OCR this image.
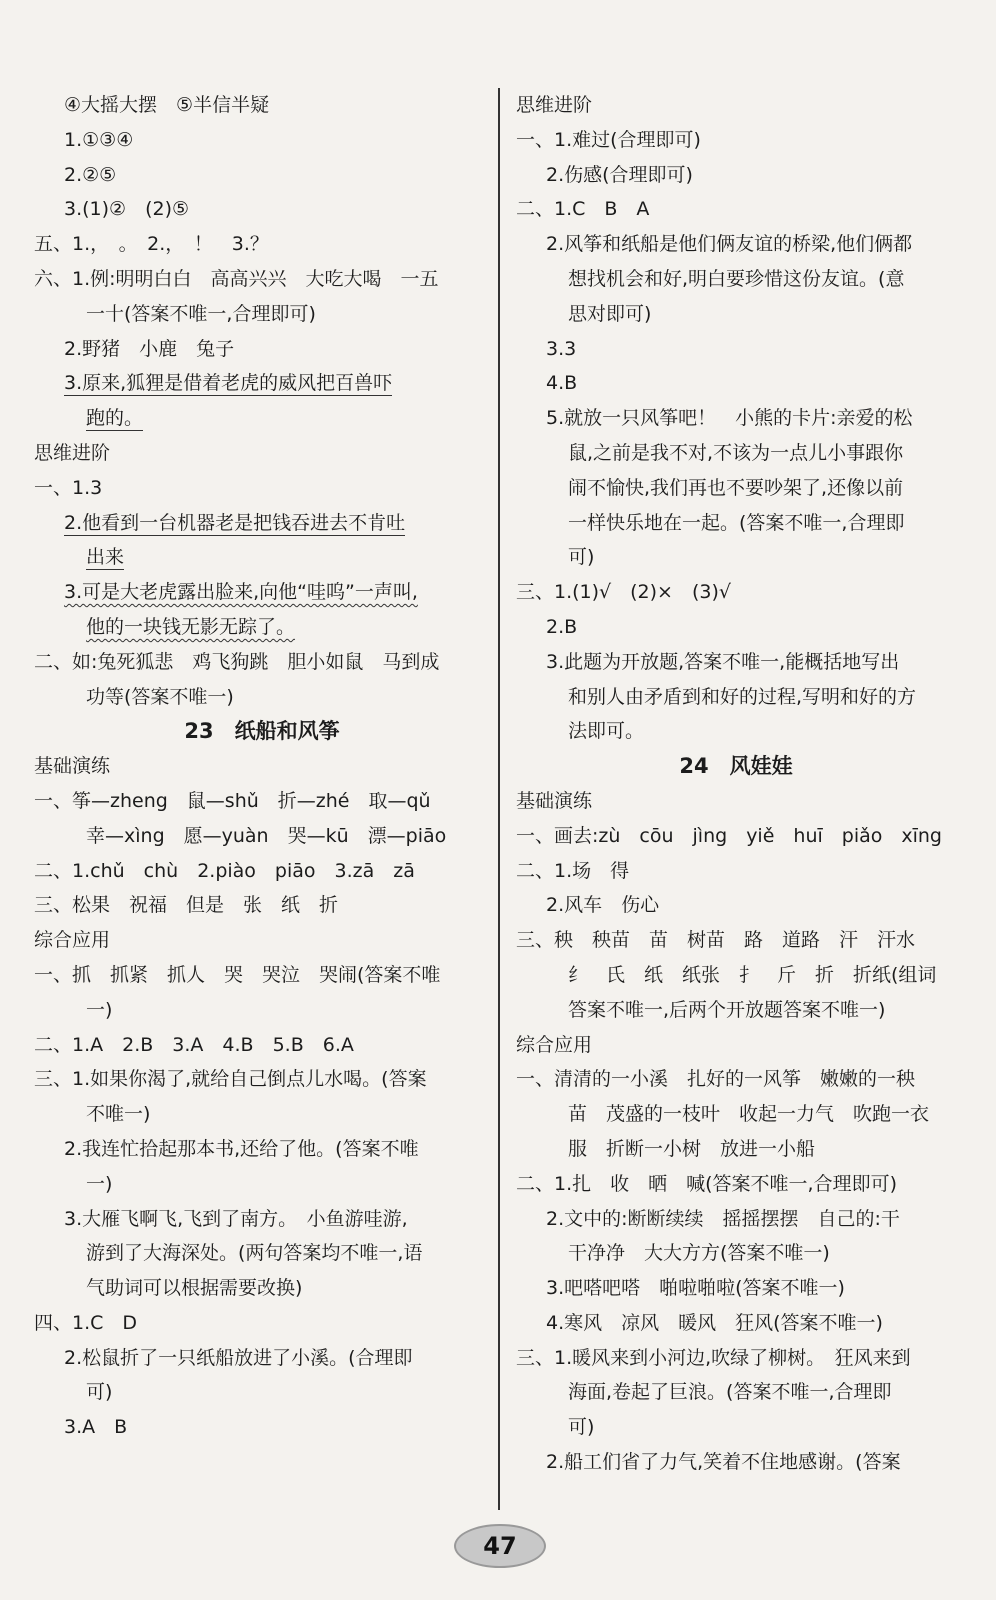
④大摇大摆　⑤半信半疑
1.①③④
2.②⑤
3.(1)②　(2)⑤
五、1.，　。　2.，　！　3.？
六、1.例:明明白白　高高兴兴　大吃大喝　一五
一十(答案不唯一,合理即可)
2.野猪　小鹿　兔子
3.原来,狐狸是借着老虎的威风把百兽吓
跑的。
思维进阶
一、1.3
2.他看到一台机器老是把钱吞进去不肯吐
出来
3.可是大老虎露出脸来,向他“哇呜”一声叫,
他的一块钱无影无踪了。
二、如:兔死狐悲　鸡飞狗跳　胆小如鼠　马到成
功等(答案不唯一)
23　纸船和风筝
基础演练
一、筝—zheng　鼠—shǔ　折—zhé　取—qǔ
幸—xìng　愿—yuàn　哭—kū　漂—piāo
二、1.chǔ　chù　2.piào　piāo　3.zā　zā
三、松果　祝福　但是　张　纸　折
综合应用
一、抓　抓紧　抓人　哭　哭泣　哭闹(答案不唯
一)
二、1.A　2.B　3.A　4.B　5.B　6.A
三、1.如果你渴了,就给自己倒点儿水喝。(答案
不唯一)
2.我连忙拾起那本书,还给了他。(答案不唯
一)
3.大雁飞啊飞,飞到了南方。　小鱼游哇游,
游到了大海深处。(两句答案均不唯一,语
气助词可以根据需要改换)
四、1.C　D
2.松鼠折了一只纸船放进了小溪。(合理即
可)
3.A　B
思维进阶
一、1.难过(合理即可)
2.伤感(合理即可)
二、1.C　B　A
2.风筝和纸船是他们俩友谊的桥梁,他们俩都
想找机会和好,明白要珍惜这份友谊。(意
思对即可)
3.3
4.B
5.就放一只风筝吧！　小熊的卡片:亲爱的松
鼠,之前是我不对,不该为一点儿小事跟你
闹不愉快,我们再也不要吵架了,还像以前
一样快乐地在一起。(答案不唯一,合理即
可)
三、1.(1)√　(2)×　(3)√
2.B
3.此题为开放题,答案不唯一,能概括地写出
和别人由矛盾到和好的过程,写明和好的方
法即可。
24　风娃娃
基础演练
一、画去:zù　cōu　jìng　yiě　huī　piǎo　xīng
二、1.场　得
2.风车　伤心
三、秧　秧苗　苗　树苗　路　道路　汗　汗水
纟　氏　纸　纸张　扌　斤　折　折纸(组词
答案不唯一,后两个开放题答案不唯一)
综合应用
一、清清的一小溪　扎好的一风筝　嫩嫩的一秧
苗　茂盛的一枝叶　收起一力气　吹跑一衣
服　折断一小树　放进一小船
二、1.扎　收　晒　喊(答案不唯一,合理即可)
2.文中的:断断续续　摇摇摆摆　自己的:干
干净净　大大方方(答案不唯一)
3.吧嗒吧嗒　啪啦啪啦(答案不唯一)
4.寒风　凉风　暖风　狂风(答案不唯一)
三、1.暖风来到小河边,吹绿了柳树。　狂风来到
海面,卷起了巨浪。(答案不唯一,合理即
可)
2.船工们省了力气,笑着不住地感谢。(答案
47
